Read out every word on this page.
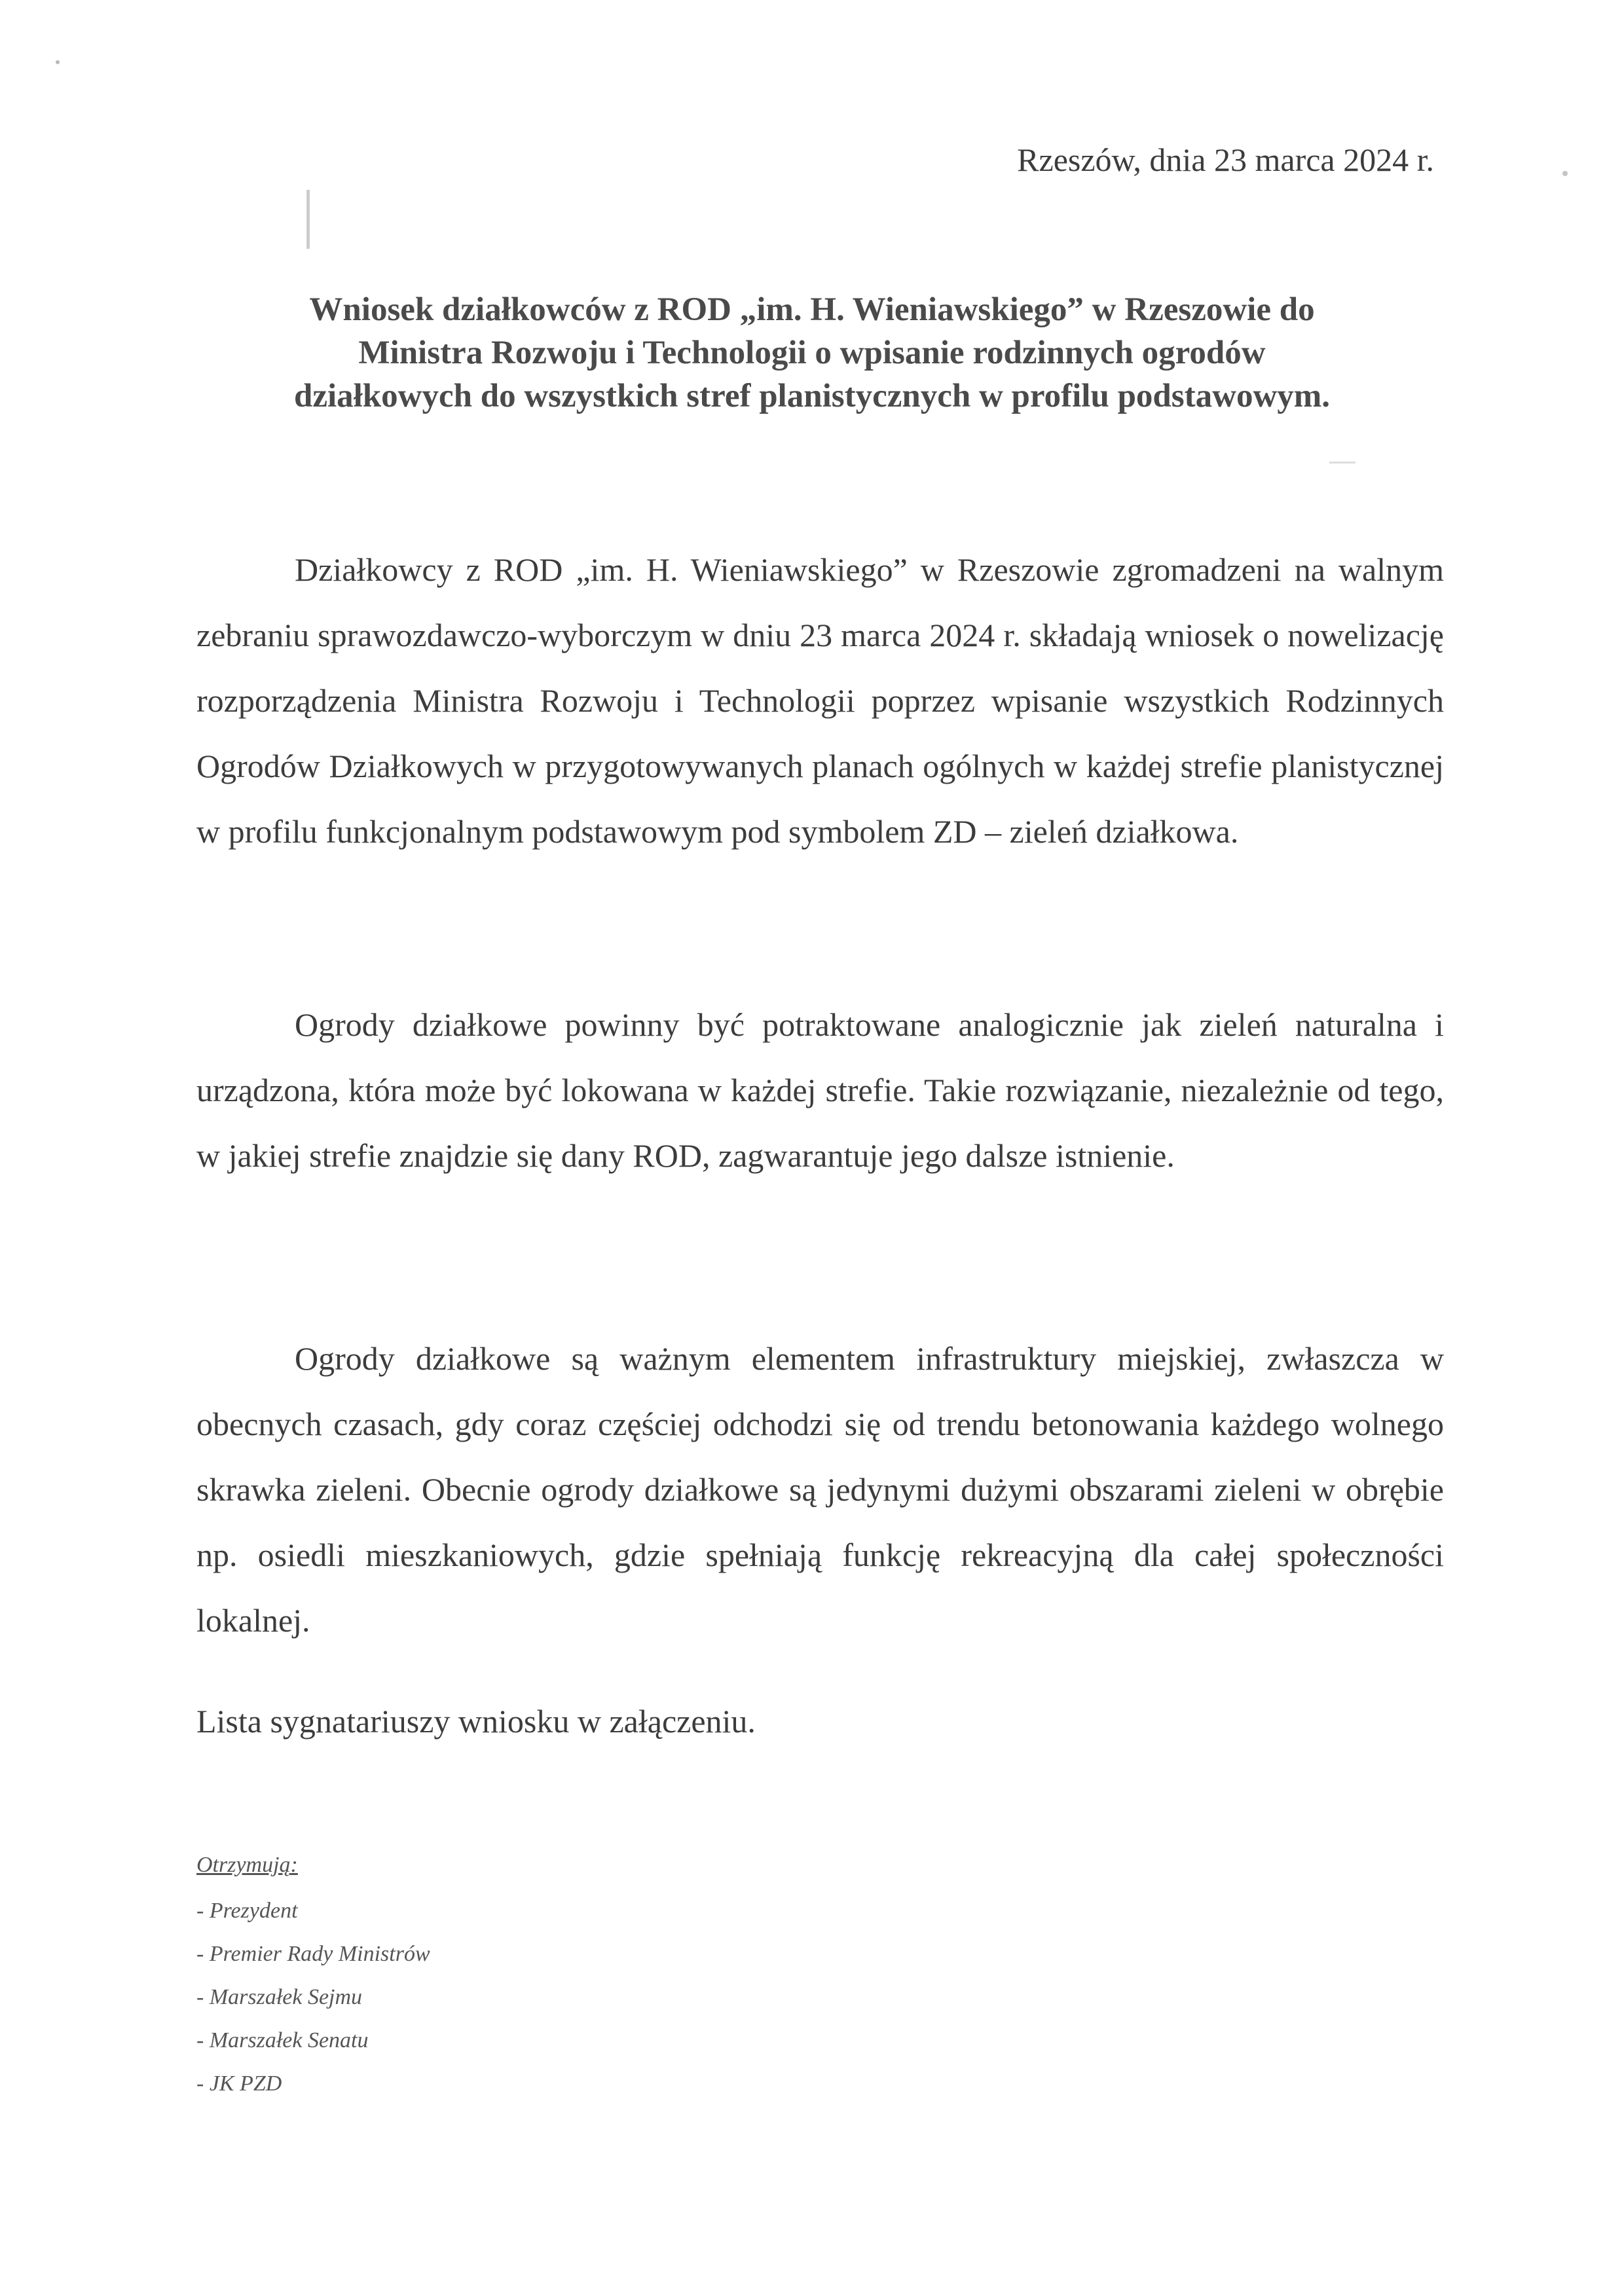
Rzeszów, dnia 23 marca 2024 r.
Wniosek działkowców z ROD „im. H. Wieniawskiego” w Rzeszowie do
Ministra Rozwoju i Technologii o wpisanie rodzinnych ogrodów
działkowych do wszystkich stref planistycznych w profilu podstawowym.

Działkowcy z ROD „im. H. Wieniawskiego” w Rzeszowie zgromadzeni na walnym zebraniu sprawozdawczo-wyborczym w dniu 23 marca 2024 r. składają wniosek o nowelizację rozporządzenia Ministra Rozwoju i Technologii poprzez wpisanie wszystkich Rodzinnych Ogrodów Działkowych w przygotowywanych planach ogólnych w każdej strefie planistycznej w profilu funkcjonalnym podstawowym pod symbolem ZD – zieleń działkowa.

Ogrody działkowe powinny być potraktowane analogicznie jak zieleń naturalna i urządzona, która może być lokowana w każdej strefie. Takie rozwiązanie, niezależnie od tego, w jakiej strefie znajdzie się dany ROD, zagwarantuje jego dalsze istnienie.

Ogrody działkowe są ważnym elementem infrastruktury miejskiej, zwłaszcza w obecnych czasach, gdy coraz częściej odchodzi się od trendu betonowania każdego wolnego skrawka zieleni. Obecnie ogrody działkowe są jedynymi dużymi obszarami zieleni w obrębie np. osiedli mieszkaniowych, gdzie spełniają funkcję rekreacyjną dla całej społeczności lokalnej.

Lista sygnatariuszy wniosku w załączeniu.
Otrzymują:
- Prezydent
- Premier Rady Ministrów
- Marszałek Sejmu
- Marszałek Senatu
- JK PZD
